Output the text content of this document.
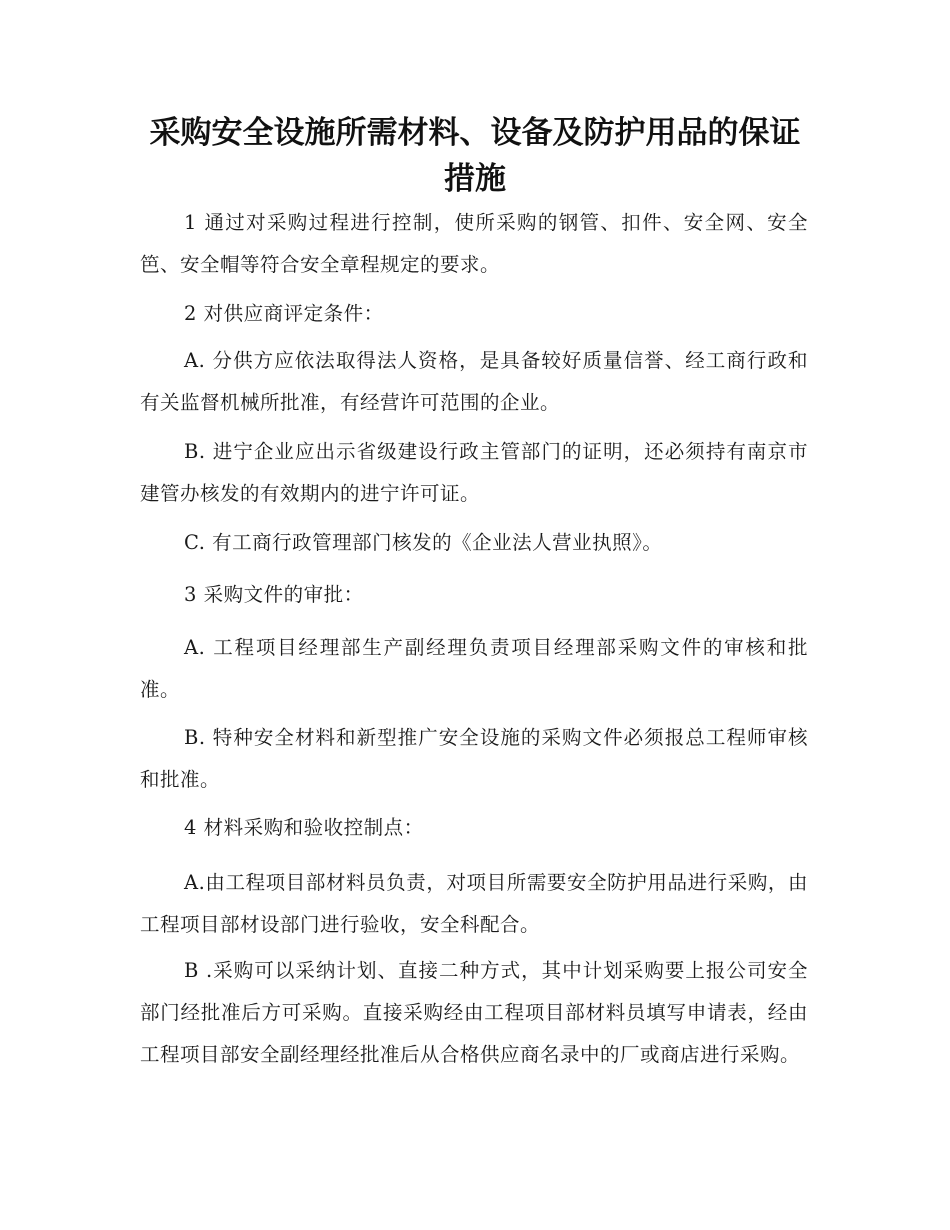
采购安全设施所需材料、设备及防护用品的保证
措施

1 通过对采购过程进行控制，使所采购的钢管、扣件、安全网、安全笆、安全帽等符合安全章程规定的要求。

2 对供应商评定条件：

A. 分供方应依法取得法人资格，是具备较好质量信誉、经工商行政和有关监督机械所批准，有经营许可范围的企业。

B. 进宁企业应出示省级建设行政主管部门的证明，还必须持有南京市建管办核发的有效期内的进宁许可证。

C. 有工商行政管理部门核发的《企业法人营业执照》。

3 采购文件的审批：

A. 工程项目经理部生产副经理负责项目经理部采购文件的审核和批准。

B. 特种安全材料和新型推广安全设施的采购文件必须报总工程师审核和批准。

4 材料采购和验收控制点：

A.由工程项目部材料员负责，对项目所需要安全防护用品进行采购，由工程项目部材设部门进行验收，安全科配合。

B .采购可以采纳计划、直接二种方式，其中计划采购要上报公司安全部门经批准后方可采购。直接采购经由工程项目部材料员填写申请表，经由工程项目部安全副经理经批准后从合格供应商名录中的厂或商店进行采购。
